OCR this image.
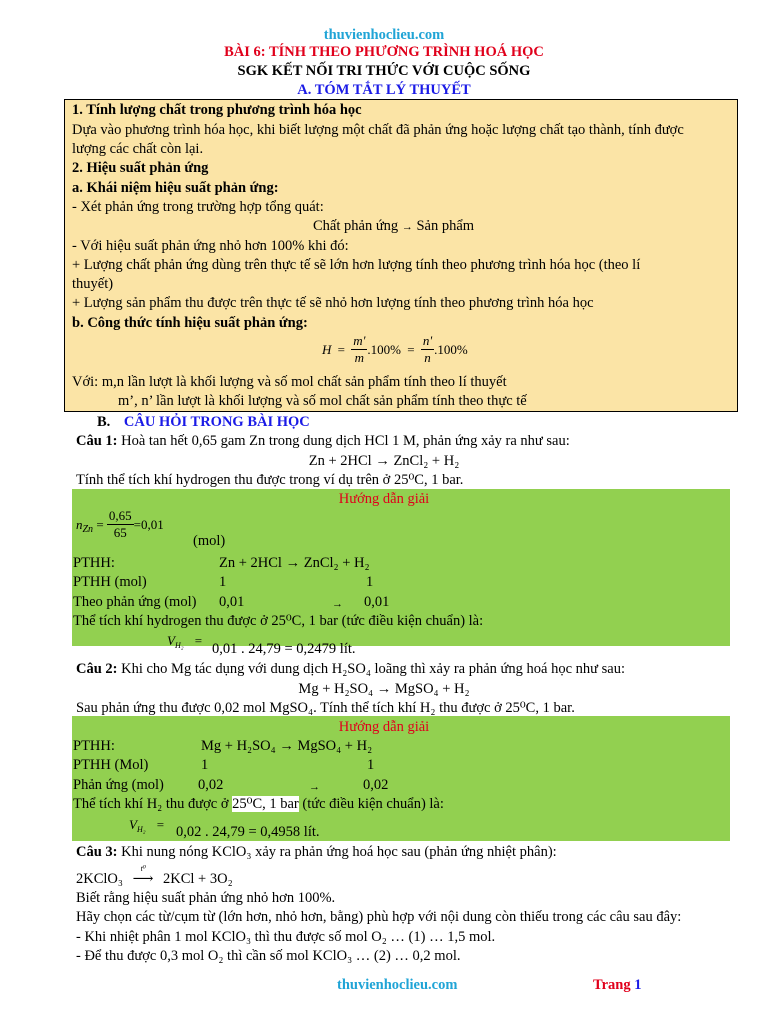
thuvienhoclieu.com
BÀI 6: TÍNH THEO PHƯƠNG TRÌNH HOÁ HỌC
SGK KẾT NỐI TRI THỨC VỚI CUỘC SỐNG
A. TÓM TẮT LÝ THUYẾT
1. Tính lượng chất trong phương trình hóa học
Dựa vào phương trình hóa học, khi biết lượng một chất đã phản ứng hoặc lượng chất tạo thành, tính được
lượng các chất còn lại.
2. Hiệu suất phản ứng
a. Khái niệm hiệu suất phản ứng:
- Xét phản ứng trong trường hợp tổng quát:
Chất phản ứng → Sản phẩm
- Với hiệu suất phản ứng nhỏ hơn 100% khi đó:
+ Lượng chất phản ứng dùng trên thực tế sẽ lớn hơn lượng tính theo phương trình hóa học (theo lí
thuyết)
+ Lượng sản phẩm thu được trên thực tế sẽ nhỏ hơn lượng tính theo phương trình hóa học
b. Công thức tính hiệu suất phản ứng:
$H = \frac{m'}{m} .100\% = \frac{n'}{n} .100\%$
Với: m,n lần lượt là khối lượng và số mol chất sản phẩm tính theo lí thuyết
m’, n’ lần lượt là khối lượng và số mol chất sản phẩm tính theo thực tế
B. CÂU HỎI TRONG BÀI HỌC
Câu 1: Hoà tan hết 0,65 gam Zn trong dung dịch HCl 1 M, phản ứng xảy ra như sau:
Zn + 2HCl → ZnCl₂ + H₂
Tính thể tích khí hydrogen thu được trong ví dụ trên ở 25⁰C, 1 bar.
Hướng dẫn giải
$n_{Zn} = \frac{0,65}{65} =0,01$
(mol)
PTHH:	Zn + 2HCl → ZnCl₂ + H₂
PTHH (mol)	1	1
Theo phản ứng (mol) 0,01	→ 0,01
Thể tích khí hydrogen thu được ở 25⁰C, 1 bar (tức điều kiện chuẩn) là:
$V_{H_2}$ =
0,01 . 24,79 = 0,2479 lít.
Câu 2: Khi cho Mg tác dụng với dung dịch H₂SO₄ loãng thì xảy ra phản ứng hoá học như sau:
Mg + H₂SO₄ → MgSO₄ + H₂
Sau phản ứng thu được 0,02 mol MgSO₄. Tính thể tích khí H₂ thu được ở 25⁰C, 1 bar.
Hướng dẫn giải
PTHH:	Mg + H₂SO₄ → MgSO₄ + H₂
PTHH (Mol)	1	1
Phản ứng (mol) 0,02	→	0,02
Thể tích khí H₂ thu được ở 25⁰C, 1 bar (tức điều kiện chuẩn) là:
$V_{H_2} = 0,02$ . 24,79 = 0,4958 lít.
Câu 3: Khi nung nóng KClO₃ xảy ra phản ứng hoá học sau (phản ứng nhiệt phân):
2KClO₃
t⁰
⟶ 2KCl + 3O₂
Biết rằng hiệu suất phản ứng nhỏ hơn 100%.
Hãy chọn các từ/cụm từ (lớn hơn, nhỏ hơn, bằng) phù hợp với nội dung còn thiếu trong các câu sau đây:
- Khi nhiệt phân 1 mol KClO₃ thì thu được số mol O₂ … (1) … 1,5 mol.
- Để thu được 0,3 mol O₂ thì cần số mol KClO₃ … (2) … 0,2 mol.
thuvienhoclieu.com	Trang 1
